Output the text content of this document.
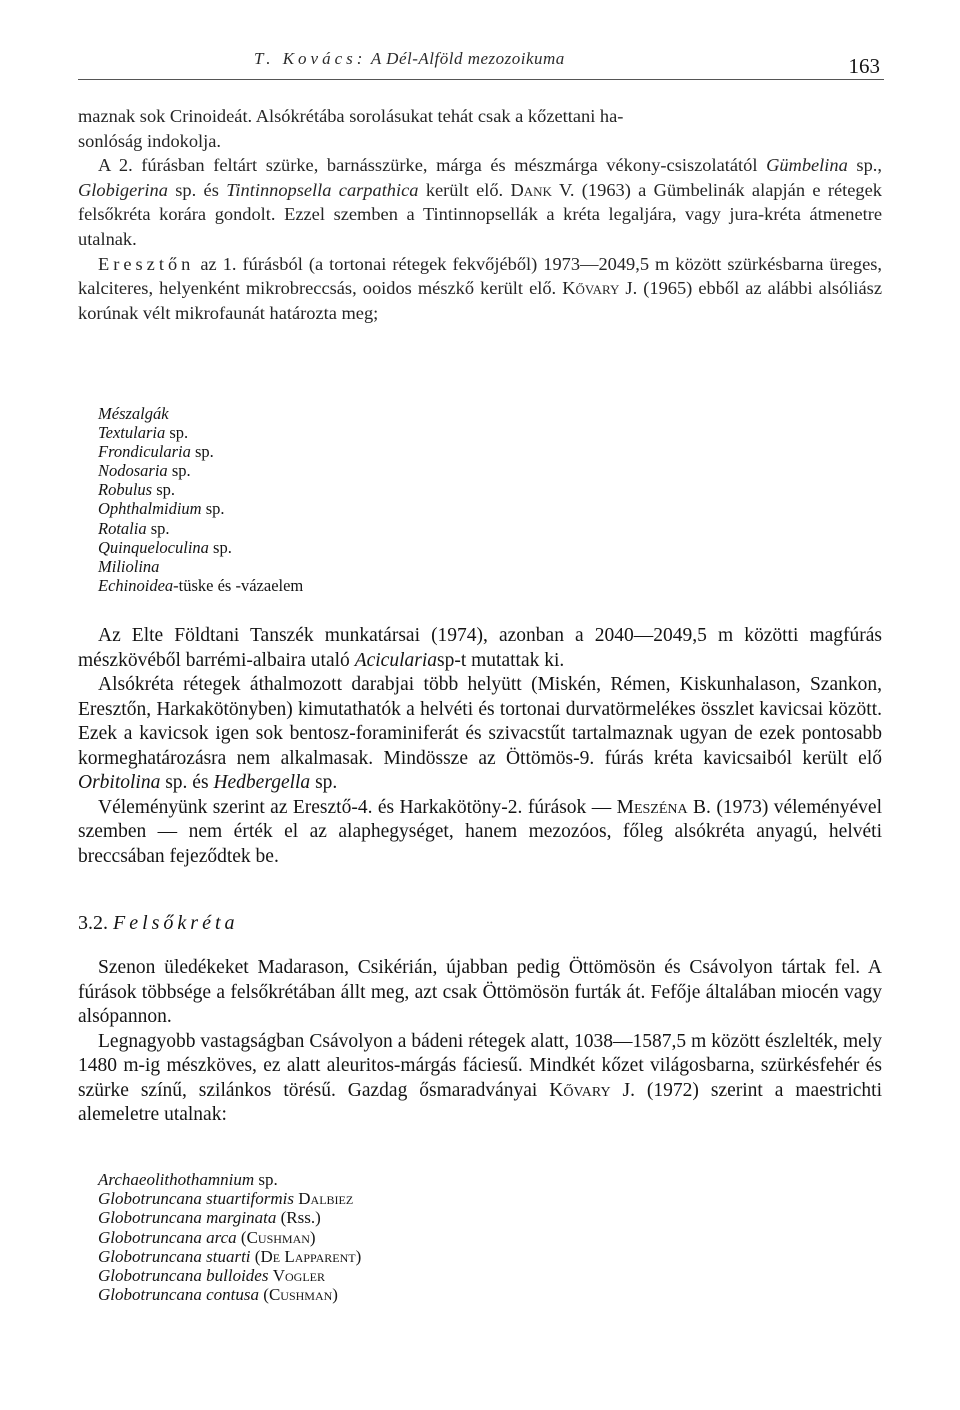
T. Kovács: A Dél-Alföld mezozoikuma	163

maznak sok Crinoideát. Alsókrétába sorolásukat tehát csak a kőzettani ha-
sonlóság indokolja.

A 2. fúrásban feltárt szürke, barnásszürke, márga és mészmárga vékony-csiszolatától Gümbelina sp., Globigerina sp. és Tintinnopsella carpathica került elő. Dank V. (1963) a Gümbelinák alapján e rétegek felsőkréta korára gondolt. Ezzel szemben a Tintinnopsellák a kréta legaljára, vagy jura-kréta átmenetre utalnak.

Eresztőn az 1. fúrásból (a tortonai rétegek fekvőjéből) 1973—2049,5 m között szürkésbarna üreges, kalciteres, helyenként mikrobreccsás, ooidos mészkő került elő. Kővary J. (1965) ebből az alábbi alsóliász korúnak vélt mikrofaunát határozta meg;

Mészalgák
Textularia sp.
Frondicularia sp.
Nodosaria sp.
Robulus sp.
Ophthalmidium sp.
Rotalia sp.
Quinqueloculina sp.
Miliolina
Echinoidea-tüske és -vázaelem

Az Elte Földtani Tanszék munkatársai (1974), azonban a 2040—2049,5 m közötti magfúrás mészkövéből barrémi-albaira utaló Aciculariasp-t mutattak ki.

Alsókréta rétegek áthalmozott darabjai több helyütt (Miskén, Rémen, Kiskunhalason, Szankon, Eresztőn, Harkakötönyben) kimutathatók a helvéti és tortonai durvatörmelékes összlet kavicsai között. Ezek a kavicsok igen sok bentosz-foraminiferát és szivacstűt tartalmaznak ugyan de ezek pontosabb kormeghatározásra nem alkalmasak. Mindössze az Öttömös-9. fúrás kréta kavicsaiból került elő Orbitolina sp. és Hedbergella sp.

Véleményünk szerint az Eresztő-4. és Harkakötöny-2. fúrások — Meszéna B. (1973) véleményével szemben — nem érték el az alaphegységet, hanem mezozóos, főleg alsókréta anyagú, helvéti breccsában fejeződtek be.

3.2. Felsőkréta

Szenon üledékeket Madarason, Csikérián, újabban pedig Öttömösön és Csávolyon tártak fel. A fúrások többsége a felsőkrétában állt meg, azt csak Öttömösön furták át. Fefője általában miocén vagy alsópannon.

Legnagyobb vastagságban Csávolyon a bádeni rétegek alatt, 1038—1587,5 m között észlelték, mely 1480 m-ig mészköves, ez alatt aleuritos-márgás fáciesű. Mindkét kőzet világosbarna, szürkésfehér és szürke színű, szilánkos törésű. Gazdag ősmaradványai Kővary J. (1972) szerint a maestrichti alemeletre utalnak:

Archaeolithothamnium sp.
Globotruncana stuartiformis Dalbiez
Globotruncana marginata (Rss.)
Globotruncana arca (Cushman)
Globotruncana stuarti (De Lapparent)
Globotruncana bulloides Vogler
Globotruncana contusa (Cushman)
